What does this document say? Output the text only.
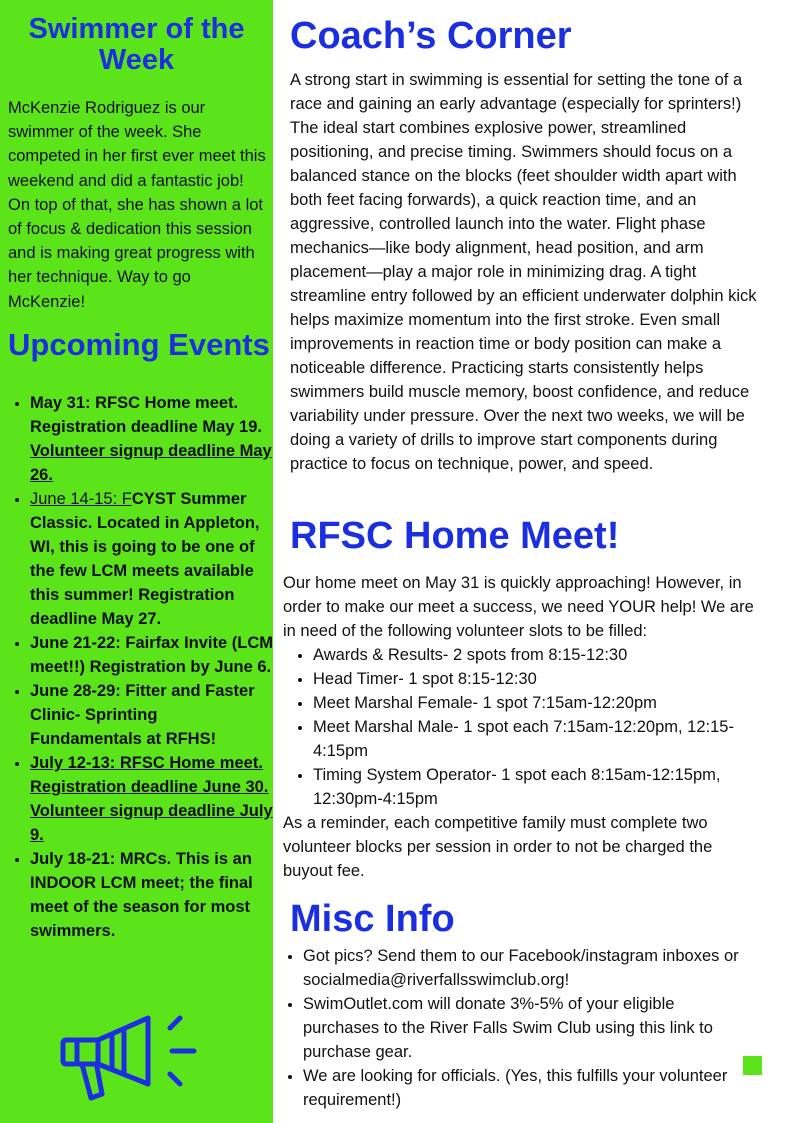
Swimmer of the Week

McKenzie Rodriguez is our swimmer of the week. She competed in her first ever meet this weekend and did a fantastic job! On top of that, she has shown a lot of focus & dedication this session and is making great progress with her technique. Way to go McKenzie!

Upcoming Events
• May 31: RFSC Home meet. Registration deadline May 19. Volunteer signup deadline May 26.
• June 14-15: FCYST Summer Classic. Located in Appleton, WI, this is going to be one of the few LCM meets available this summer! Registration deadline May 27.
• June 21-22: Fairfax Invite (LCM meet!!) Registration by June 6.
• June 28-29: Fitter and Faster Clinic- Sprinting Fundamentals at RFHS!
• July 12-13: RFSC Home meet. Registration deadline June 30. Volunteer signup deadline July 9.
• July 18-21: MRCs. This is an INDOOR LCM meet; the final meet of the season for most swimmers.
Coach’s Corner

A strong start in swimming is essential for setting the tone of a race and gaining an early advantage (especially for sprinters!) The ideal start combines explosive power, streamlined positioning, and precise timing. Swimmers should focus on a balanced stance on the blocks (feet shoulder width apart with both feet facing forwards), a quick reaction time, and an aggressive, controlled launch into the water. Flight phase mechanics—like body alignment, head position, and arm placement—play a major role in minimizing drag. A tight streamline entry followed by an efficient underwater dolphin kick helps maximize momentum into the first stroke. Even small improvements in reaction time or body position can make a noticeable difference. Practicing starts consistently helps swimmers build muscle memory, boost confidence, and reduce variability under pressure. Over the next two weeks, we will be doing a variety of drills to improve start components during practice to focus on technique, power, and speed.

RFSC Home Meet!

Our home meet on May 31 is quickly approaching! However, in order to make our meet a success, we need YOUR help! We are in need of the following volunteer slots to be filled:

• Awards & Results- 2 spots from 8:15-12:30
• Head Timer- 1 spot 8:15-12:30
• Meet Marshal Female- 1 spot 7:15am-12:20pm
• Meet Marshal Male- 1 spot each 7:15am-12:20pm, 12:15-4:15pm
• Timing System Operator- 1 spot each 8:15am-12:15pm, 12:30pm-4:15pm

As a reminder, each competitive family must complete two volunteer blocks per session in order to not be charged the buyout fee.

Misc Info
• Got pics? Send them to our Facebook/instagram inboxes or socialmedia@riverfallsswimclub.org!
• SwimOutlet.com will donate 3%-5% of your eligible purchases to the River Falls Swim Club using this link to purchase gear.
• We are looking for officials. (Yes, this fulfills your volunteer requirement!)
